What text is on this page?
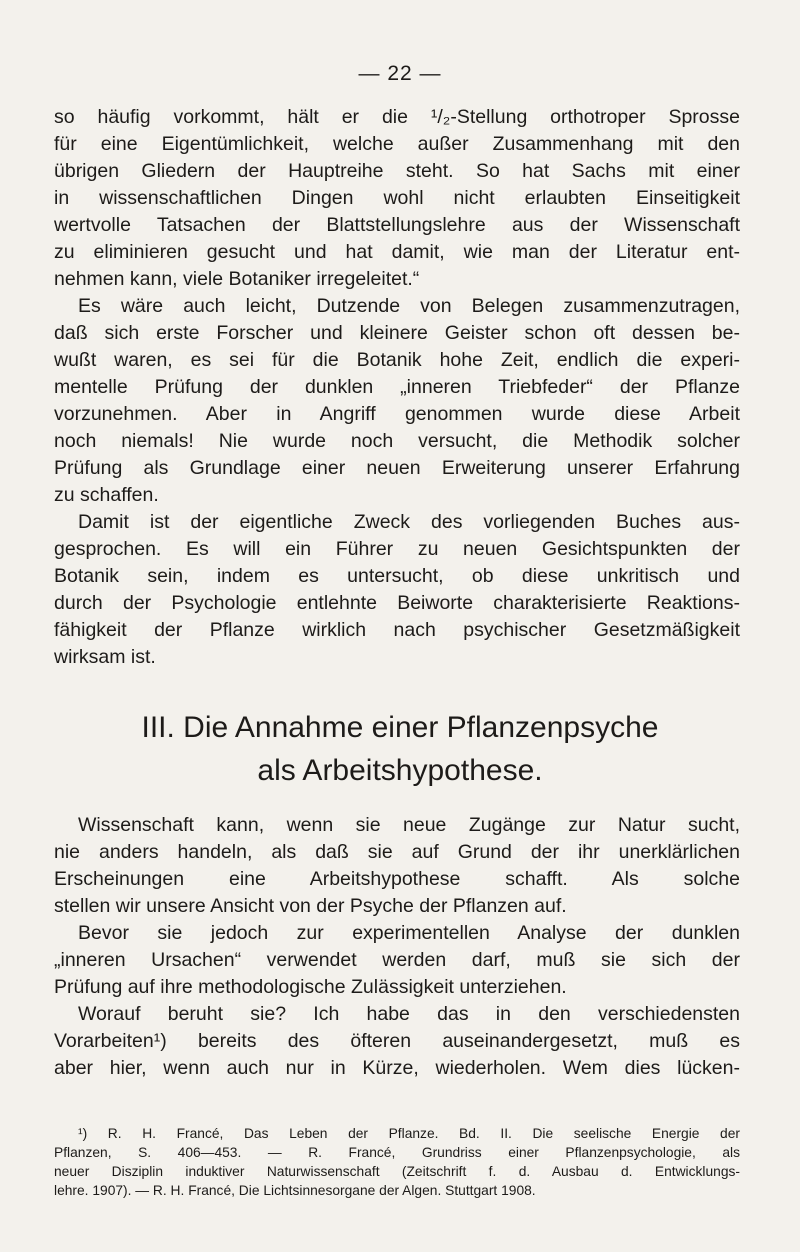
— 22 —
so häufig vorkommt, hält er die ¹/₂-Stellung orthotroper Sprosse
für eine Eigentümlichkeit, welche außer Zusammenhang mit den
übrigen Gliedern der Hauptreihe steht. So hat Sachs mit einer
in wissenschaftlichen Dingen wohl nicht erlaubten Einseitigkeit
wertvolle Tatsachen der Blattstellungslehre aus der Wissenschaft
zu eliminieren gesucht und hat damit, wie man der Literatur ent-
nehmen kann, viele Botaniker irregeleitet.“
Es wäre auch leicht, Dutzende von Belegen zusammenzutragen,
daß sich erste Forscher und kleinere Geister schon oft dessen be-
wußt waren, es sei für die Botanik hohe Zeit, endlich die experi-
mentelle Prüfung der dunklen „inneren Triebfeder“ der Pflanze
vorzunehmen. Aber in Angriff genommen wurde diese Arbeit
noch niemals! Nie wurde noch versucht, die Methodik solcher
Prüfung als Grundlage einer neuen Erweiterung unserer Erfahrung
zu schaffen.
Damit ist der eigentliche Zweck des vorliegenden Buches aus-
gesprochen. Es will ein Führer zu neuen Gesichtspunkten der
Botanik sein, indem es untersucht, ob diese unkritisch und
durch der Psychologie entlehnte Beiworte charakterisierte Reaktions-
fähigkeit der Pflanze wirklich nach psychischer Gesetzmäßigkeit
wirksam ist.
III. Die Annahme einer Pflanzenpsyche
als Arbeitshypothese.
Wissenschaft kann, wenn sie neue Zugänge zur Natur sucht,
nie anders handeln, als daß sie auf Grund der ihr unerklärlichen
Erscheinungen eine Arbeitshypothese schafft. Als solche
stellen wir unsere Ansicht von der Psyche der Pflanzen auf.
Bevor sie jedoch zur experimentellen Analyse der dunklen
„inneren Ursachen“ verwendet werden darf, muß sie sich der
Prüfung auf ihre methodologische Zulässigkeit unterziehen.
Worauf beruht sie? Ich habe das in den verschiedensten
Vorarbeiten¹) bereits des öfteren auseinandergesetzt, muß es
aber hier, wenn auch nur in Kürze, wiederholen. Wem dies lücken-
¹) R. H. Francé, Das Leben der Pflanze. Bd. II. Die seelische Energie der
Pflanzen, S. 406—453. — R. Francé, Grundriss einer Pflanzenpsychologie, als
neuer Disziplin induktiver Naturwissenschaft (Zeitschrift f. d. Ausbau d. Entwicklungs-
lehre. 1907). — R. H. Francé, Die Lichtsinnesorgane der Algen. Stuttgart 1908.
